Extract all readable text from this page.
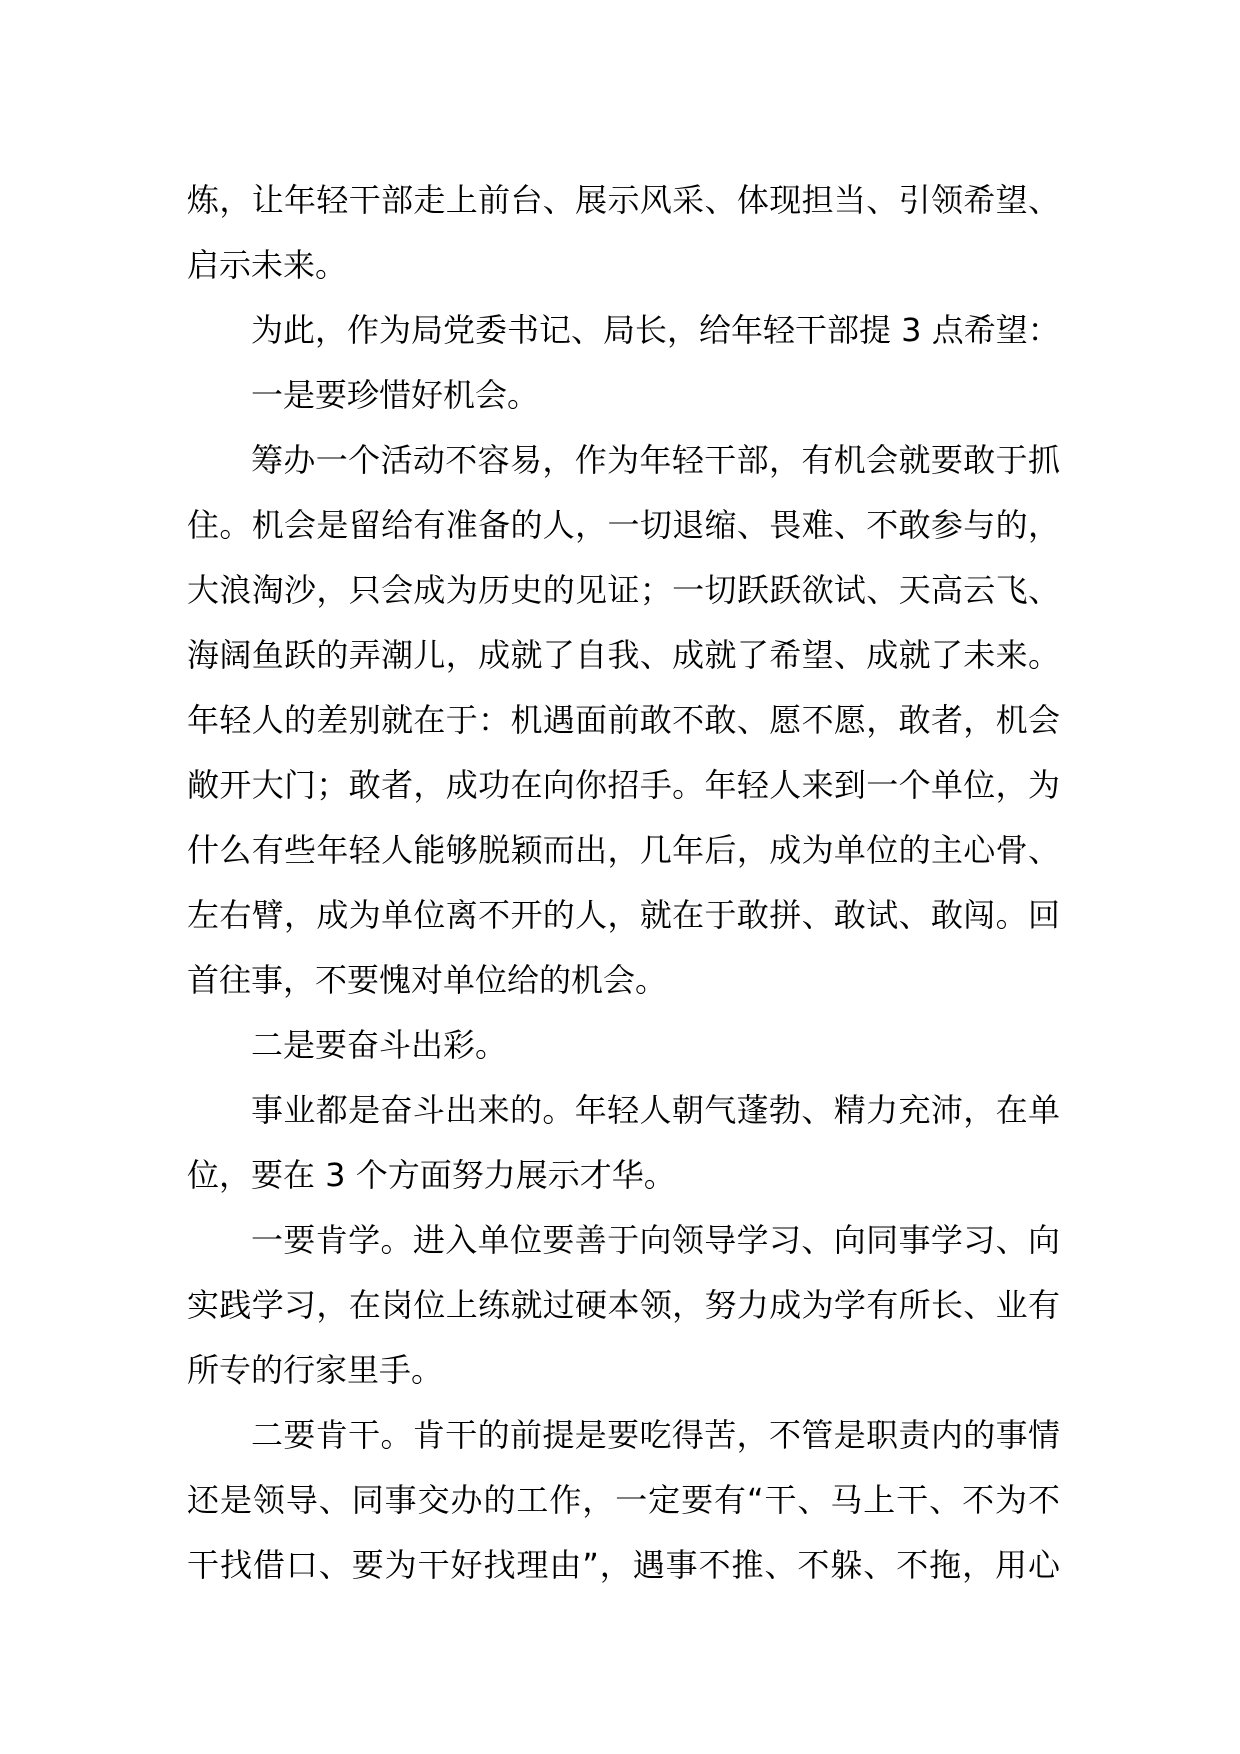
炼，让年轻干部走上前台、展示风采、体现担当、引领希望、
启示未来。
为此，作为局党委书记、局长，给年轻干部提 3 点希望：
一是要珍惜好机会。
筹办一个活动不容易，作为年轻干部，有机会就要敢于抓
住。机会是留给有准备的人，一切退缩、畏难、不敢参与的，
大浪淘沙，只会成为历史的见证；一切跃跃欲试、天高云飞、
海阔鱼跃的弄潮儿，成就了自我、成就了希望、成就了未来。
年轻人的差别就在于：机遇面前敢不敢、愿不愿，敢者，机会
敞开大门；敢者，成功在向你招手。年轻人来到一个单位，为
什么有些年轻人能够脱颖而出，几年后，成为单位的主心骨、
左右臂，成为单位离不开的人，就在于敢拼、敢试、敢闯。回
首往事，不要愧对单位给的机会。
二是要奋斗出彩。
事业都是奋斗出来的。年轻人朝气蓬勃、精力充沛，在单
位，要在 3 个方面努力展示才华。
一要肯学。进入单位要善于向领导学习、向同事学习、向
实践学习，在岗位上练就过硬本领，努力成为学有所长、业有
所专的行家里手。
二要肯干。肯干的前提是要吃得苦，不管是职责内的事情
还是领导、同事交办的工作，一定要有“干、马上干、不为不
干找借口、要为干好找理由”，遇事不推、不躲、不拖，用心
